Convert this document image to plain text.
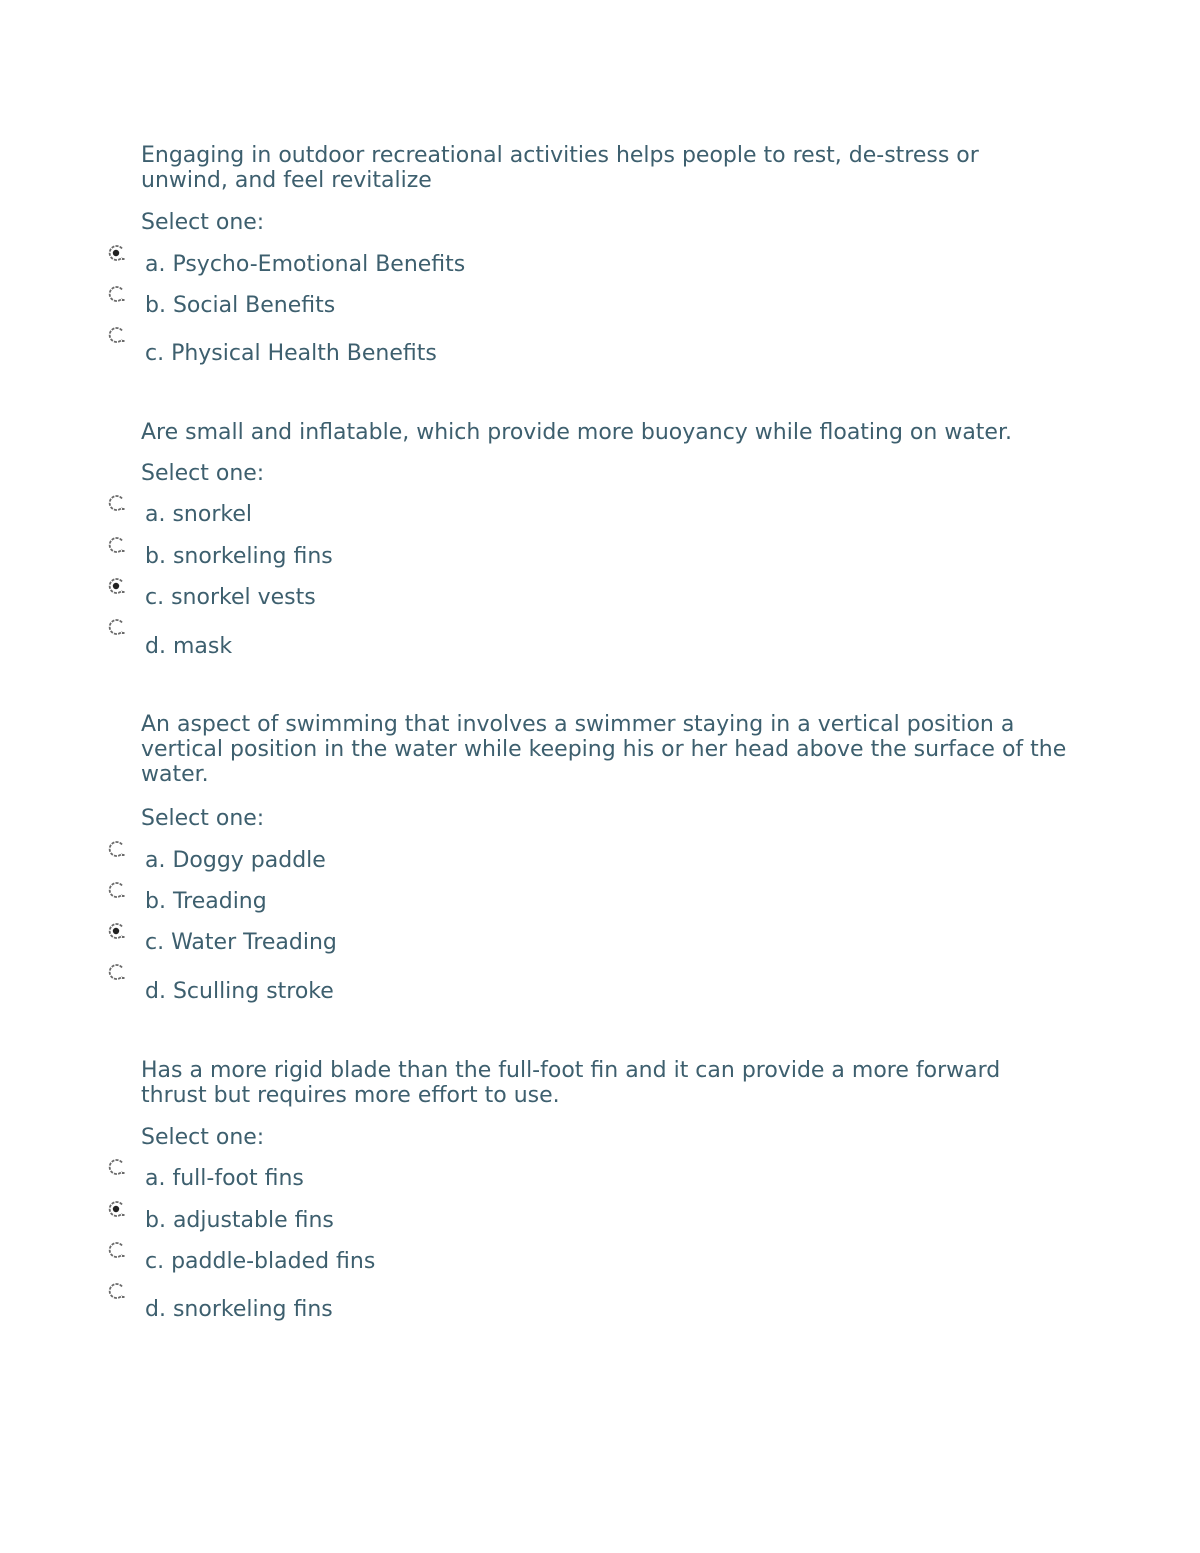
Engaging in outdoor recreational activities helps people to rest, de-stress or unwind, and feel revitalize

Select one:
a. Psycho-Emotional Benefits
b. Social Benefits
c. Physical Health Benefits

Are small and inflatable, which provide more buoyancy while floating on water.

Select one:
a. snorkel
b. snorkeling fins
c. snorkel vests
d. mask

An aspect of swimming that involves a swimmer staying in a vertical position a vertical position in the water while keeping his or her head above the surface of the water.

Select one:
a. Doggy paddle
b. Treading
c. Water Treading
d. Sculling stroke

Has a more rigid blade than the full-foot fin and it can provide a more forward thrust but requires more effort to use.

Select one:
a. full-foot fins
b. adjustable fins
c. paddle-bladed fins
d. snorkeling fins
